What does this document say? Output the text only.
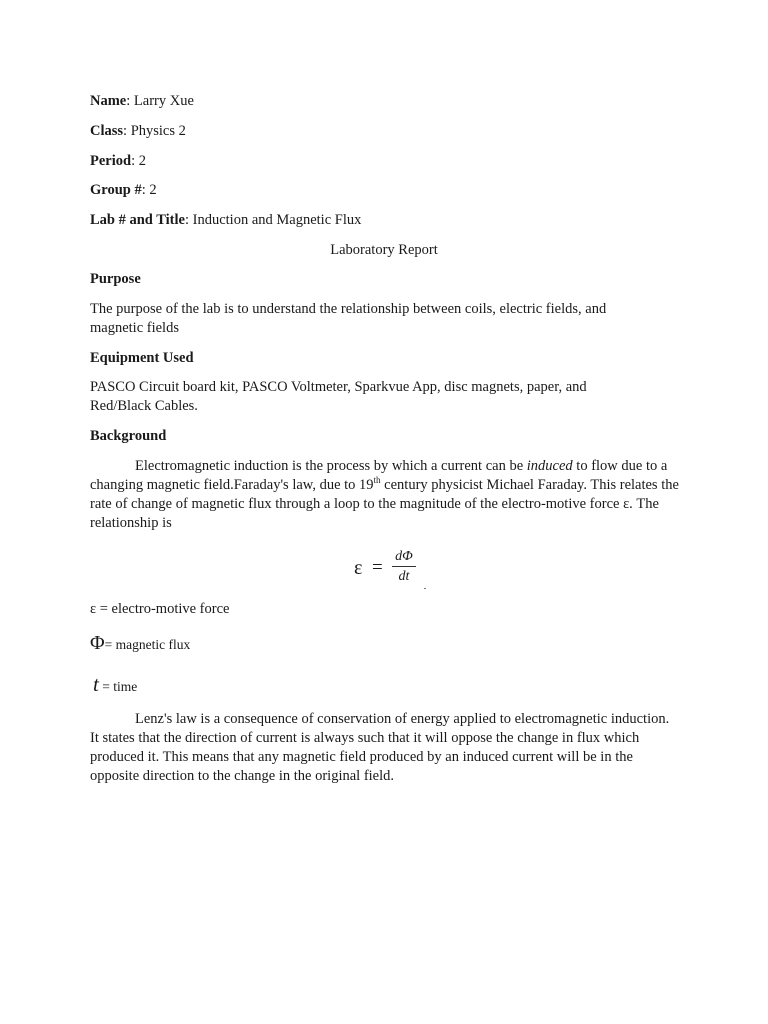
Name: Larry Xue
Class: Physics 2
Period: 2
Group #: 2
Lab # and Title: Induction and Magnetic Flux
Laboratory Report
Purpose
The purpose of the lab is to understand the relationship between coils, electric fields, and
magnetic fields
Equipment Used
PASCO Circuit board kit, PASCO Voltmeter, Sparkvue App, disc magnets, paper, and
Red/Black Cables.
Background
Electromagnetic induction is the process by which a current can be induced to flow due to a changing magnetic field.Faraday's law, due to 19th century physicist Michael Faraday. This relates the rate of change of magnetic flux through a loop to the magnitude of the electro-motive force ε. The relationship is
$\varepsilon = \frac{d\Phi}{dt}$
ε = electro-motive force
Φ= magnetic flux
t = time
Lenz's law is a consequence of conservation of energy applied to electromagnetic induction. It states that the direction of current is always such that it will oppose the change in flux which produced it. This means that any magnetic field produced by an induced current will be in the opposite direction to the change in the original field.
